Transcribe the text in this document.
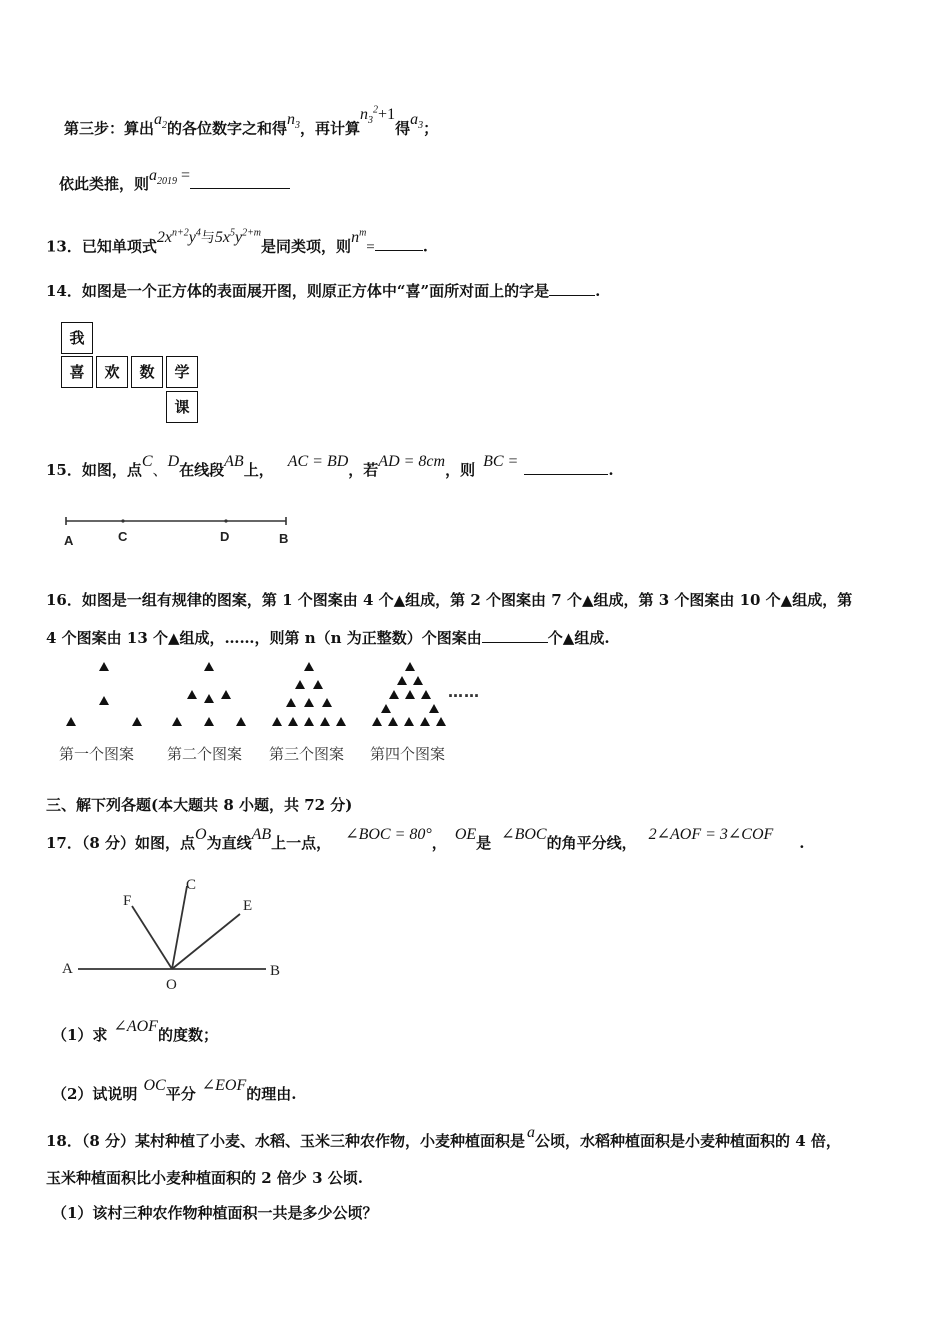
第三步：算出$a_2$的各位数字之和得$n_3$，再计算$n_3^2+1$得$a_3$；
依此类推，则$a_{2019}$ =
13．已知单项式$2x^{n+2}y^4$与$5x^5y^{2+m}$是同类项，则$n^m=$	.
14．如图是一个正方体的表面展开图，则原正方体中“喜”面所对面上的字是	.
我
喜	欢	数	学
课
15．如图，点C、D在线段AB上， AC = BD，若AD = 8cm，则 BC =	.
A	C	D	B
16．如图是一组有规律的图案，第 1 个图案由 4 个▲组成，第 2 个图案由 7 个▲组成，第 3 个图案由 10 个▲组成，第
4 个图案由 13 个▲组成，……，则第 n（n 为正整数）个图案由	个▲组成.
……
第一个图案 第二个图案 第三个图案 第四个图案
三、解下列各题(本大题共 8 小题，共 72 分)
17．（8 分）如图，点O为直线AB上一点， ∠BOC = 80°， OE是 ∠BOC的角平分线， 2∠AOF = 3∠COF .
A	B
O
C
E
F
（1）求 ∠AOF的度数；
（2）试说明 OC平分 ∠EOF的理由.
18．（8 分）某村种植了小麦、水稻、玉米三种农作物，小麦种植面积是 a公顷，水稻种植面积是小麦种植面积的 4 倍，
玉米种植面积比小麦种植面积的 2 倍少 3 公顷.
（1）该村三种农作物种植面积一共是多少公顷？
